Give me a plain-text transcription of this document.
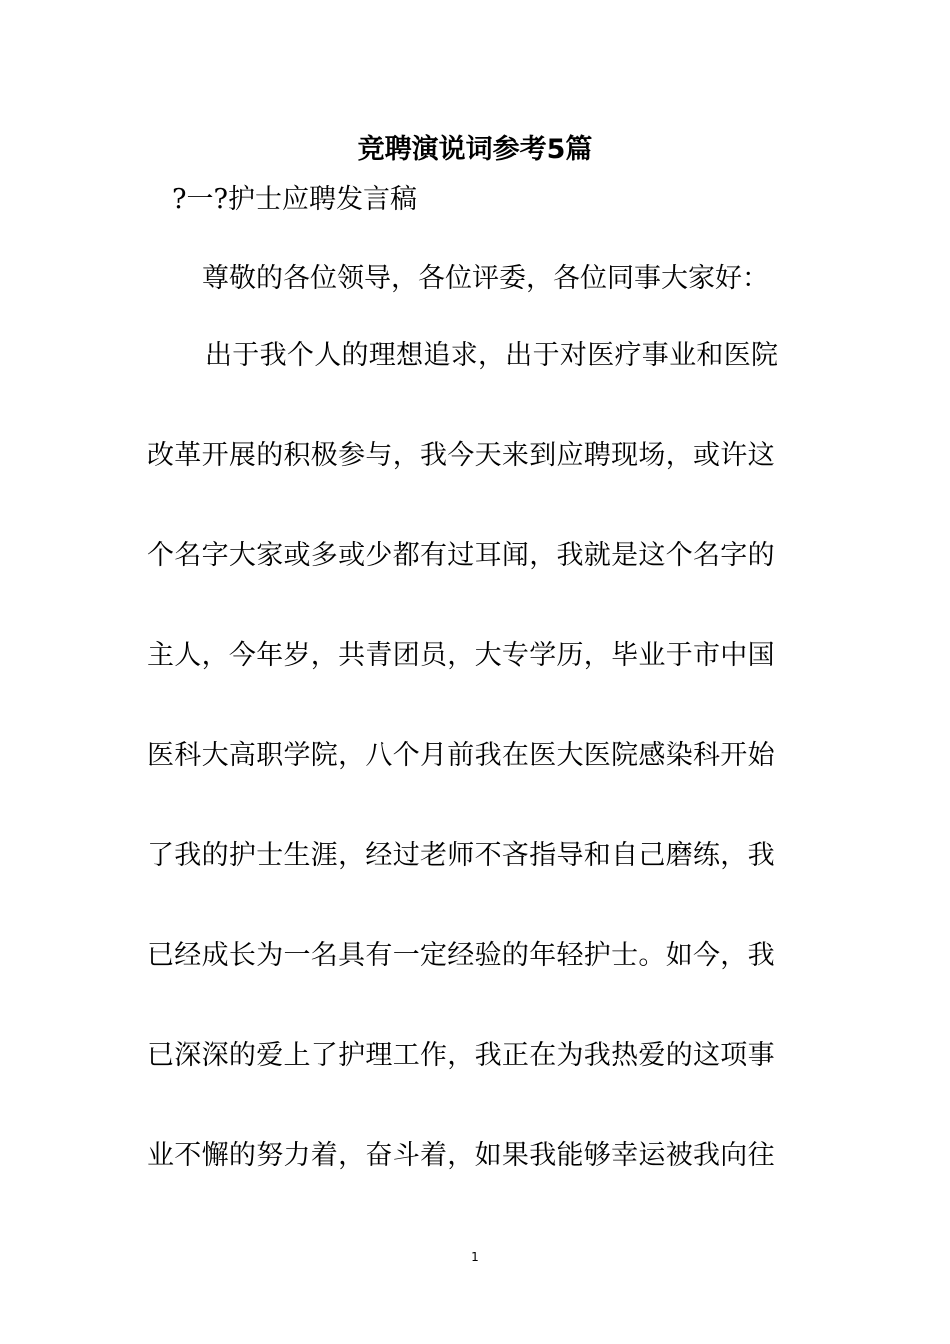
竞聘演说词参考5篇
?一?护士应聘发言稿
尊敬的各位领导，各位评委，各位同事大家好：
出于我个人的理想追求，出于对医疗事业和医院
改革开展的积极参与，我今天来到应聘现场，或许这
个名字大家或多或少都有过耳闻，我就是这个名字的
主人，今年岁，共青团员，大专学历，毕业于市中国
医科大高职学院，八个月前我在医大医院感染科开始
了我的护士生涯，经过老师不吝指导和自己磨练，我
已经成长为一名具有一定经验的年轻护士。如今，我
已深深的爱上了护理工作，我正在为我热爱的这项事
业不懈的努力着，奋斗着，如果我能够幸运被我向往
1
